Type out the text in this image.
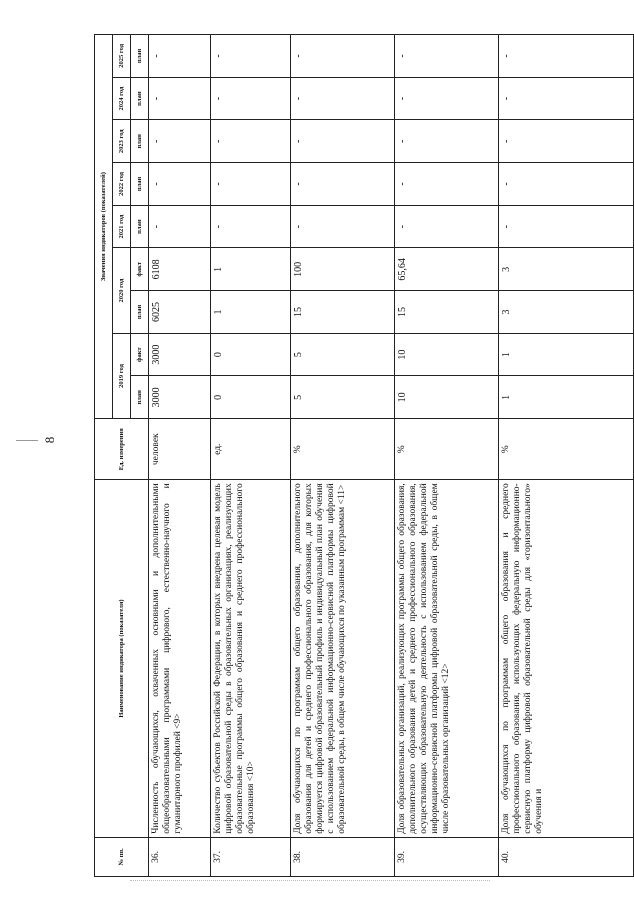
8
№ пп.	Наименование индикатора (показателя)	Ед. измерения	Значения индикаторов (показателей)								
			2019 год		2020 год		2021 год	2022 год	2023 год	2024 год	2025 год
			план	факт	план	факт	план	план	план	план	план
36.	Численность обучающихся, охваченных основными и дополнительными общеобразовательными программами цифрового, естественно-научного и гуманитарного профилей <9>	человек	3000	3000	6025	6108	-	-	-	-	-
37.	Количество субъектов Российской Федерации, в которых внедрена целевая модель цифровой образовательной среды в образовательных организациях, реализующих образовательные программы общего образования и среднего профессионального образования <10>	ед.	0	0	1	1	-	-	-	-	-
38.	Доля обучающихся по программам общего образования, дополнительного образования для детей и среднего профессионального образования, для которых формируется цифровой образовательный профиль и индивидуальный план обучения с использованием федеральной информационно-сервисной платформы цифровой образовательной среды, в общем числе обучающихся по указанным программам <11>	%	5	5	15	100	-	-	-	-	-
39.	Доля образовательных организаций, реализующих программы общего образования, дополнительного образования детей и среднего профессионального образования, осуществляющих образовательную деятельность с использованием федеральной информационно-сервисной платформы цифровой образовательной среды, в общем числе образовательных организаций <12>	%	10	10	15	65,64	-	-	-	-	-
40.	Доля обучающихся по программам общего образования и среднего профессионального образования, использующих федеральную информационно-сервисную платформу цифровой образовательной среды для «горизонтального» обучения и	%	1	1	3	3	-	-	-	-	-
